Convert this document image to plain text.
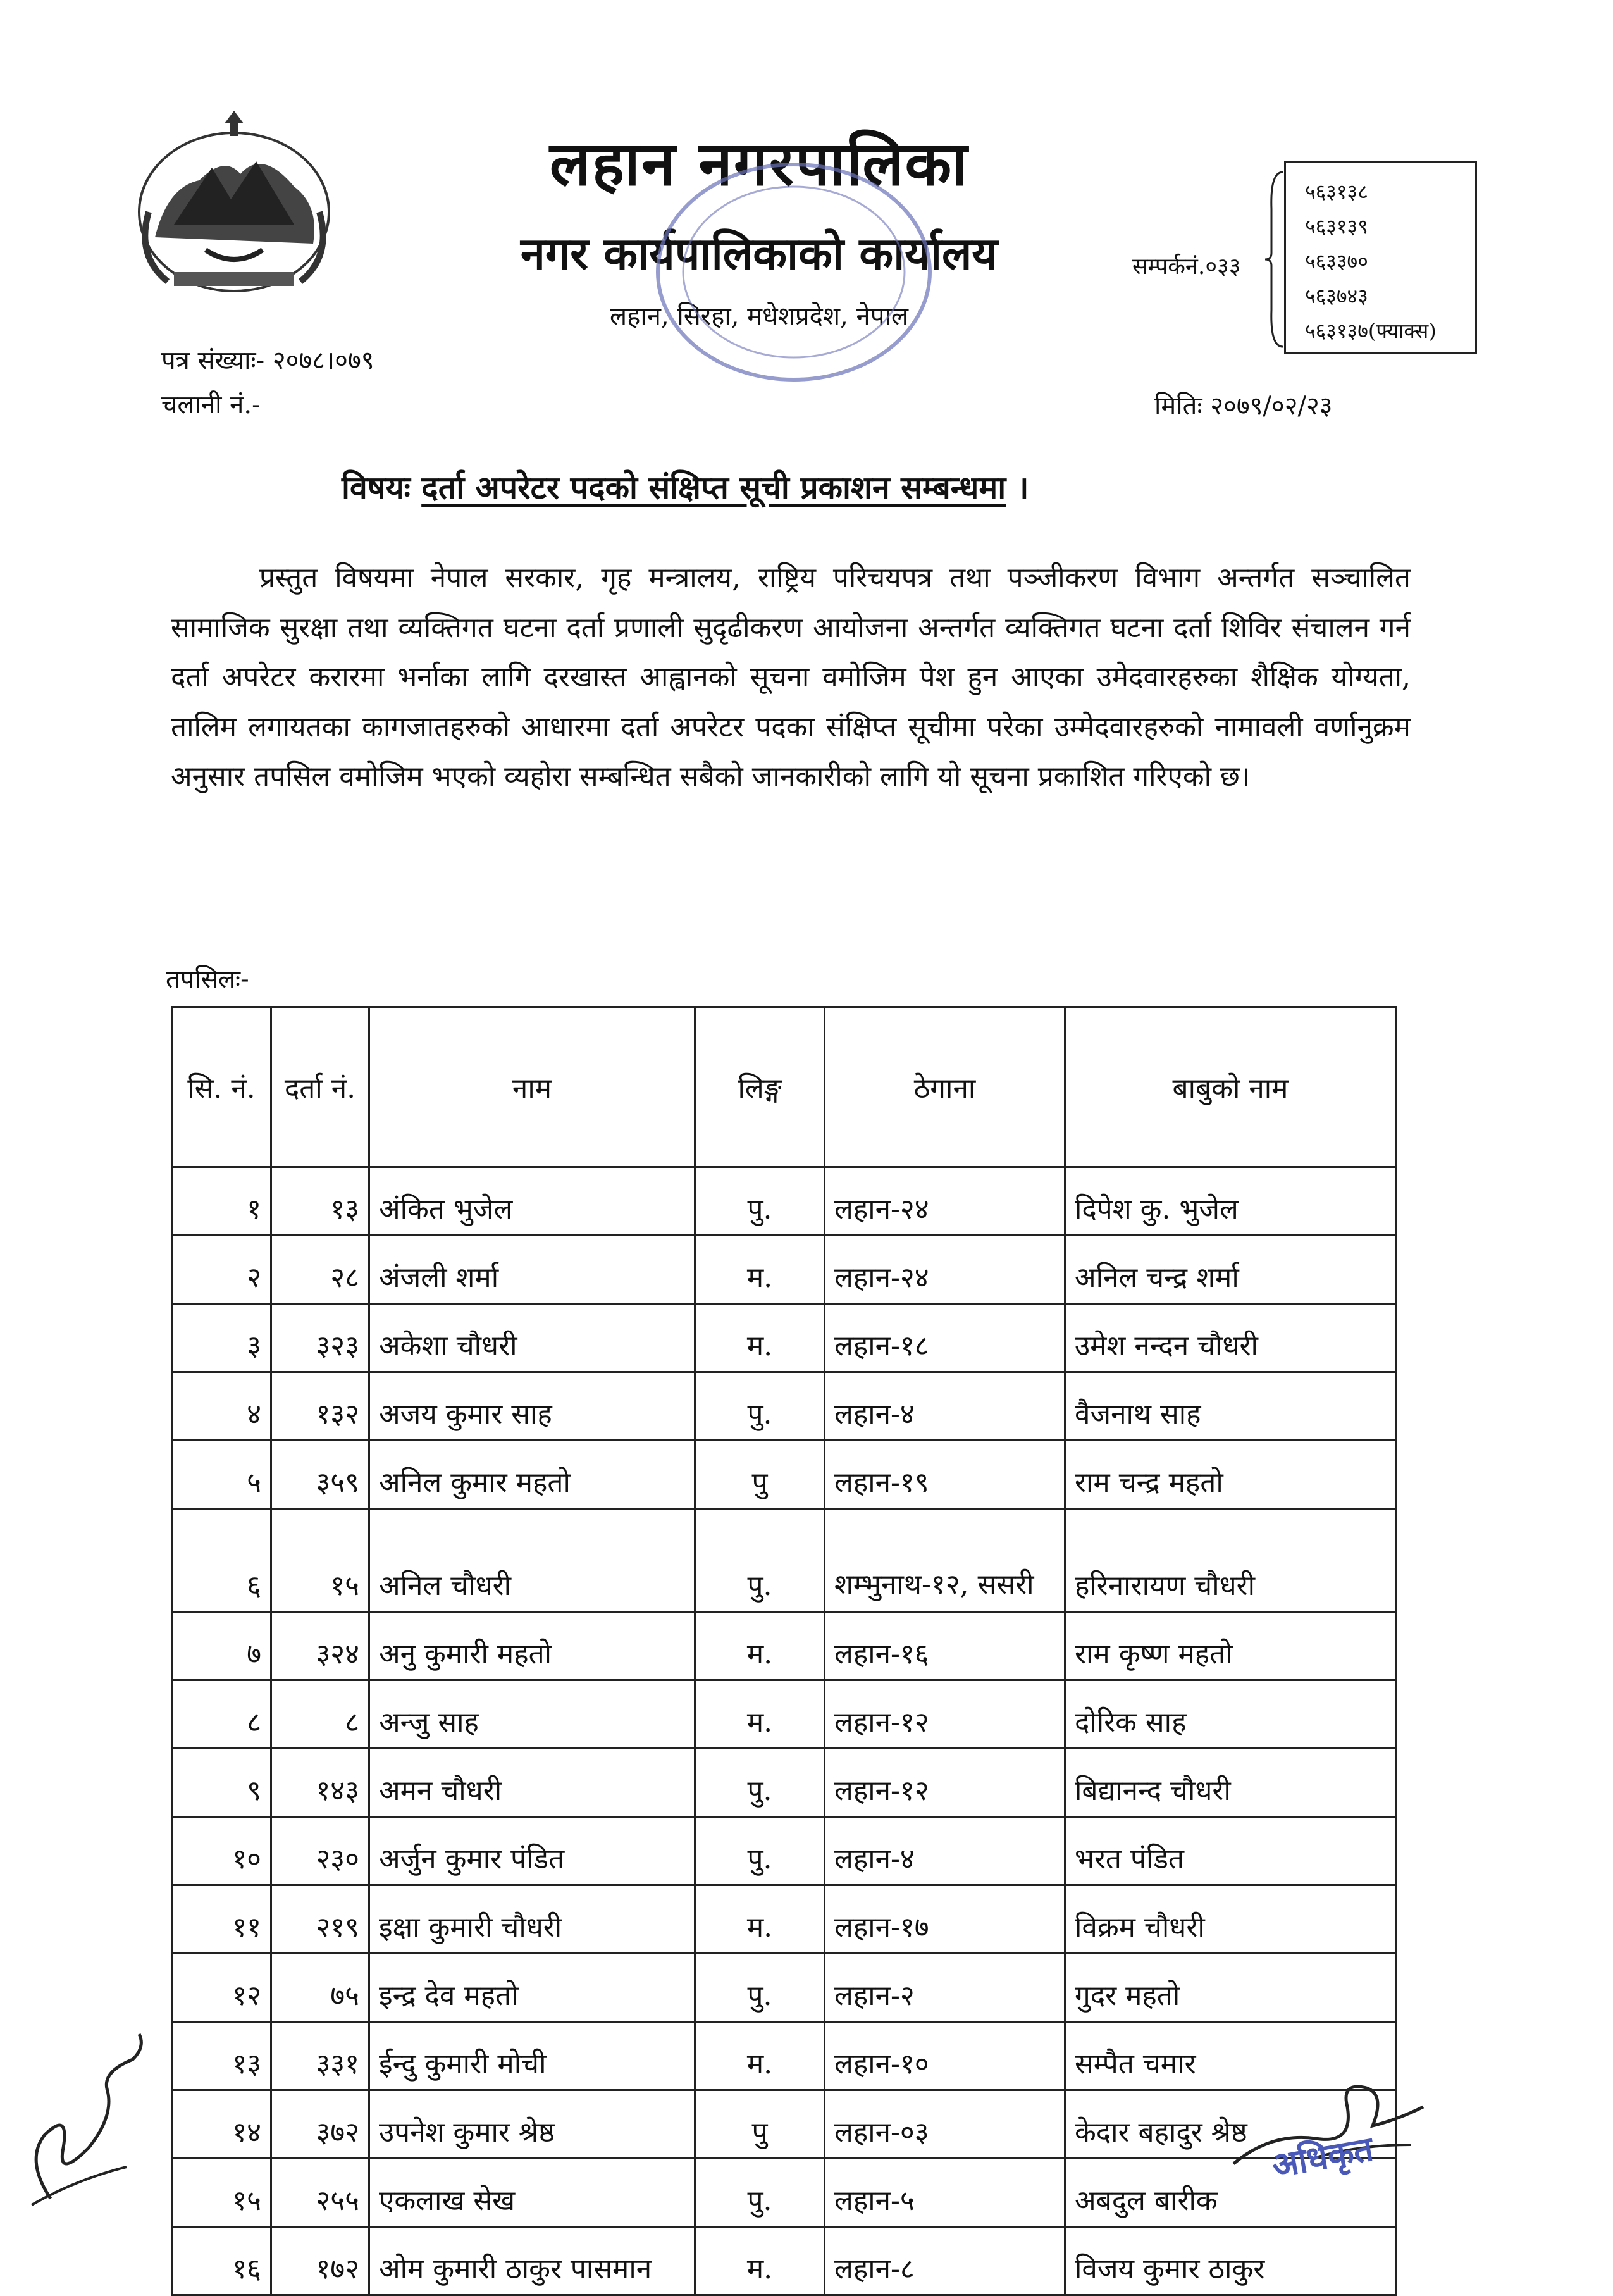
लहान नगरपालिका
नगर कार्यपालिकाको कार्यालय
लहान, सिरहा, मधेशप्रदेश, नेपाल
सम्पर्कनं.०३३
५६३१३८
५६३१३९
५६३३७०
५६३७४३
५६३१३७(फ्याक्स)
पत्र संख्याः- २०७८।०७९
चलानी नं.-	मितिः २०७९/०२/२३
विषयः दर्ता अपरेटर पदको संक्षिप्त सूची प्रकाशन सम्बन्धमा ।
प्रस्तुत विषयमा नेपाल सरकार, गृह मन्त्रालय, राष्ट्रिय परिचयपत्र तथा पञ्जीकरण विभाग अन्तर्गत सञ्चालित सामाजिक सुरक्षा तथा व्यक्तिगत घटना दर्ता प्रणाली सुदृढीकरण आयोजना अन्तर्गत व्यक्तिगत घटना दर्ता शिविर संचालन गर्न दर्ता अपरेटर करारमा भर्नाका लागि दरखास्त आह्वानको सूचना वमोजिम पेश हुन आएका उमेदवारहरुका शैक्षिक योग्यता, तालिम लगायतका कागजातहरुको आधारमा दर्ता अपरेटर पदका संक्षिप्त सूचीमा परेका उम्मेदवारहरुको नामावली वर्णानुक्रम अनुसार तपसिल वमोजिम भएको व्यहोरा सम्बन्धित सबैको जानकारीको लागि यो सूचना प्रकाशित गरिएको छ।
तपसिलः-
सि. नं.	दर्ता नं.	नाम	लिङ्ग	ठेगाना	बाबुको नाम
१	१३	अंकित भुजेल	पु.	लहान-२४	दिपेश कु. भुजेल
२	२८	अंजली शर्मा	म.	लहान-२४	अनिल चन्द्र शर्मा
३	३२३	अकेशा चौधरी	म.	लहान-१८	उमेश नन्दन चौधरी
४	१३२	अजय कुमार साह	पु.	लहान-४	वैजनाथ साह
५	३५९	अनिल कुमार महतो	पु	लहान-१९	राम चन्द्र महतो
६	१५	अनिल चौधरी	पु.	शम्भुनाथ-१२, ससरी	हरिनारायण चौधरी
७	३२४	अनु कुमारी महतो	म.	लहान-१६	राम कृष्ण महतो
८	८	अन्जु साह	म.	लहान-१२	दोरिक साह
९	१४३	अमन चौधरी	पु.	लहान-१२	बिद्यानन्द चौधरी
१०	२३०	अर्जुन कुमार पंडित	पु.	लहान-४	भरत पंडित
११	२१९	इक्षा कुमारी चौधरी	म.	लहान-१७	विक्रम चौधरी
१२	७५	इन्द्र देव महतो	पु.	लहान-२	गुदर महतो
१३	३३१	ईन्दु कुमारी मोची	म.	लहान-१०	सम्पैत चमार
१४	३७२	उपनेश कुमार श्रेष्ठ	पु	लहान-०३	केदार बहादुर श्रेष्ठ
१५	२५५	एकलाख सेख	पु.	लहान-५	अबदुल बारीक
१६	१७२	ओम कुमारी ठाकुर पासमान	म.	लहान-८	विजय कुमार ठाकुर
अधिकृत
